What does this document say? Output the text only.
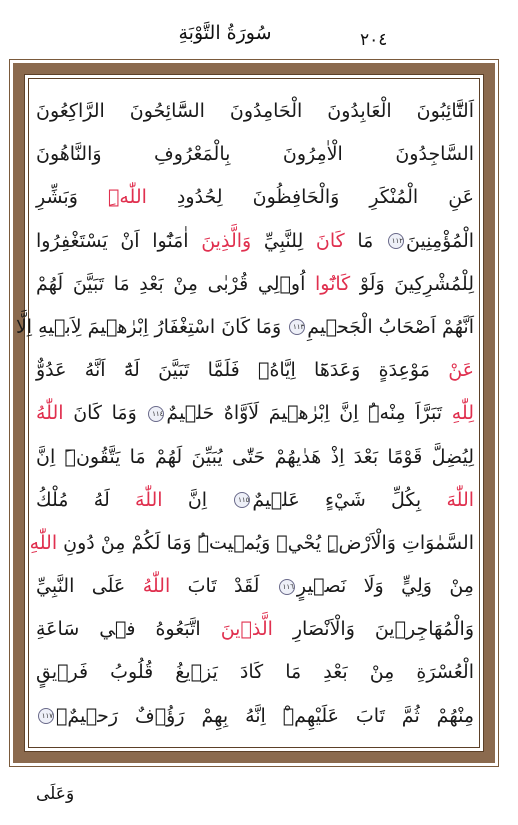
سُورَةُ التَّوْبَةِ	٢٠٤
اَلتَّٓائِبُونَ الْعَابِدُونَ الْحَامِدُونَ السَّٓائِحُونَ الرَّاكِعُونَ
السَّاجِدُونَ الْاٰمِرُونَ بِالْمَعْرُوفِ وَالنَّاهُونَ
عَنِ الْمُنْكَرِ وَالْحَافِظُونَ لِحُدُودِ اللّٰهِۜ وَبَشِّرِ
الْمُؤْمِنِينَ١١٢ مَا كَانَ لِلنَّبِيِّ وَالَّذِينَ اٰمَنُٓوا اَنْ يَسْتَغْفِرُوا
لِلْمُشْرِكِينَ وَلَوْ كَانُٓوا اُو۬لِي قُرْبٰى مِنْ بَعْدِ مَا تَبَيَّنَ لَهُمْ
اَنَّهُمْ اَصْحَابُ الْجَح۪يمِ١١٣ وَمَا كَانَ اسْتِغْفَارُ اِبْرٰه۪يمَ لِاَب۪يهِ اِلَّا
عَنْ مَوْعِدَةٍ وَعَدَهَٓا اِيَّاهُۚ فَلَمَّا تَبَيَّنَ لَهُٓ اَنَّهُ عَدُوٌّ
لِلّٰهِ تَبَرَّاَ مِنْهُۜ اِنَّ اِبْرٰه۪يمَ لَاَوَّاهٌ حَل۪يمٌ١١٤ وَمَا كَانَ اللّٰهُ
لِيُضِلَّ قَوْمًا بَعْدَ اِذْ هَدٰيهُمْ حَتّٰى يُبَيِّنَ لَهُمْ مَا يَتَّقُونَۜ اِنَّ
اللّٰهَ بِكُلِّ شَيْءٍ عَل۪يمٌ١١٥ اِنَّ اللّٰهَ لَهُ مُلْكُ
السَّمٰوَاتِ وَالْاَرْضِۜ يُحْي۪ وَيُم۪يتُۜ وَمَا لَكُمْ مِنْ دُونِ اللّٰهِ
مِنْ وَلِيٍّ وَلَا نَص۪يرٍ١١٦ لَقَدْ تَابَ اللّٰهُ عَلَى النَّبِيِّ
وَالْمُهَاجِر۪ينَ وَالْاَنْصَارِ الَّذ۪ينَ اتَّبَعُوهُ ف۪ي سَاعَةِ
الْعُسْرَةِ مِنْ بَعْدِ مَا كَادَ يَز۪يغُ قُلُوبُ فَر۪يقٍ
مِنْهُمْ ثُمَّ تَابَ عَلَيْهِمْۜ اِنَّهُ بِهِمْ رَؤُ۫فٌ رَح۪يمٌۙ١١٧
وَعَلَى
